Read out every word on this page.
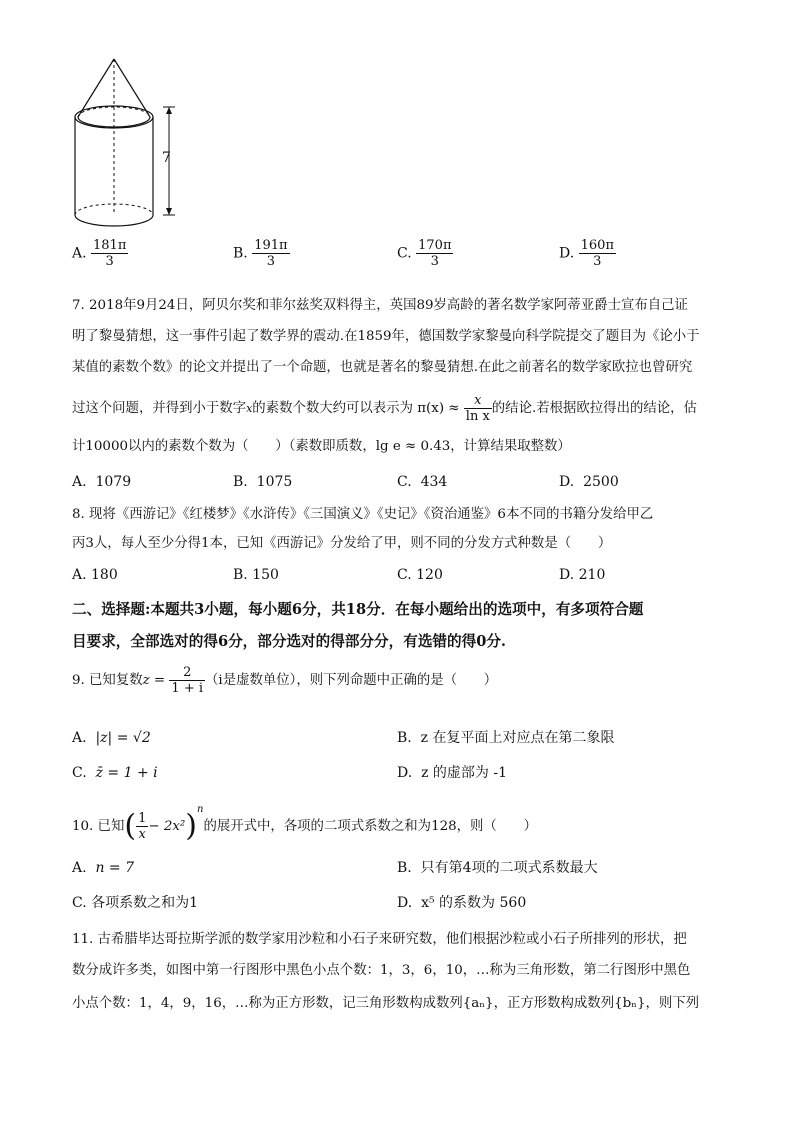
7
A. $\frac{181\pi}{3}$	B. $\frac{191\pi}{3}$	C. $\frac{170\pi}{3}$	D. $\frac{160\pi}{3}$
7. 2018年9月24日，阿贝尔奖和菲尔兹奖双料得主，英国89岁高龄的著名数学家阿蒂亚爵士宣布自己证
明了黎曼猜想，这一事件引起了数学界的震动.在1859年，德国数学家黎曼向科学院提交了题目为《论小于
某值的素数个数》的论文并提出了一个命题，也就是著名的黎曼猜想.在此之前著名的数学家欧拉也曾研究
过这个问题，并得到小于数字x的素数个数大约可以表示为 $\pi(x) \approx \frac{x}{\text{ln x}}$ 的结论.若根据欧拉得出的结论，估
计10000以内的素数个数为（　　）（素数即质数，lg e ≈ 0.43，计算结果取整数）
A. 1079	B. 1075	C. 434	D. 2500
8. 现将《西游记》《红楼梦》《水浒传》《三国演义》《史记》《资治通鉴》6本不同的书籍分发给甲乙
丙3人，每人至少分得1本，已知《西游记》分发给了甲，则不同的分发方式种数是（　　）
A. 180	B. 150	C. 120	D. 210
二、选择题:本题共3小题，每小题6分，共18分．在每小题给出的选项中，有多项符合题
目要求，全部选对的得6分，部分选对的得部分分，有选错的得0分.
9. 已知复数$z = \frac{2}{1 + i} (i$是虚数单位），则下列命题中正确的是（　　）
A. |z| = √2	B. z 在复平面上对应点在第二象限
C. z̄ = 1 + i	D. z 的虚部为 -1
10. 已知( $\frac{1}{x} - 2x^2)^n$的展开式中，各项的二项式系数之和为128，则（　　）
A. n = 7	B. 只有第4项的二项式系数最大
C. 各项系数之和为1	D. x⁵ 的系数为 560
11. 古希腊毕达哥拉斯学派的数学家用沙粒和小石子来研究数，他们根据沙粒或小石子所排列的形状，把
数分成许多类，如图中第一行图形中黑色小点个数：1，3，6，10，…称为三角形数，第二行图形中黑色
小点个数：1，4，9，16，…称为正方形数，记三角形数构成数列{aₙ}，正方形数构成数列{bₙ}，则下列
